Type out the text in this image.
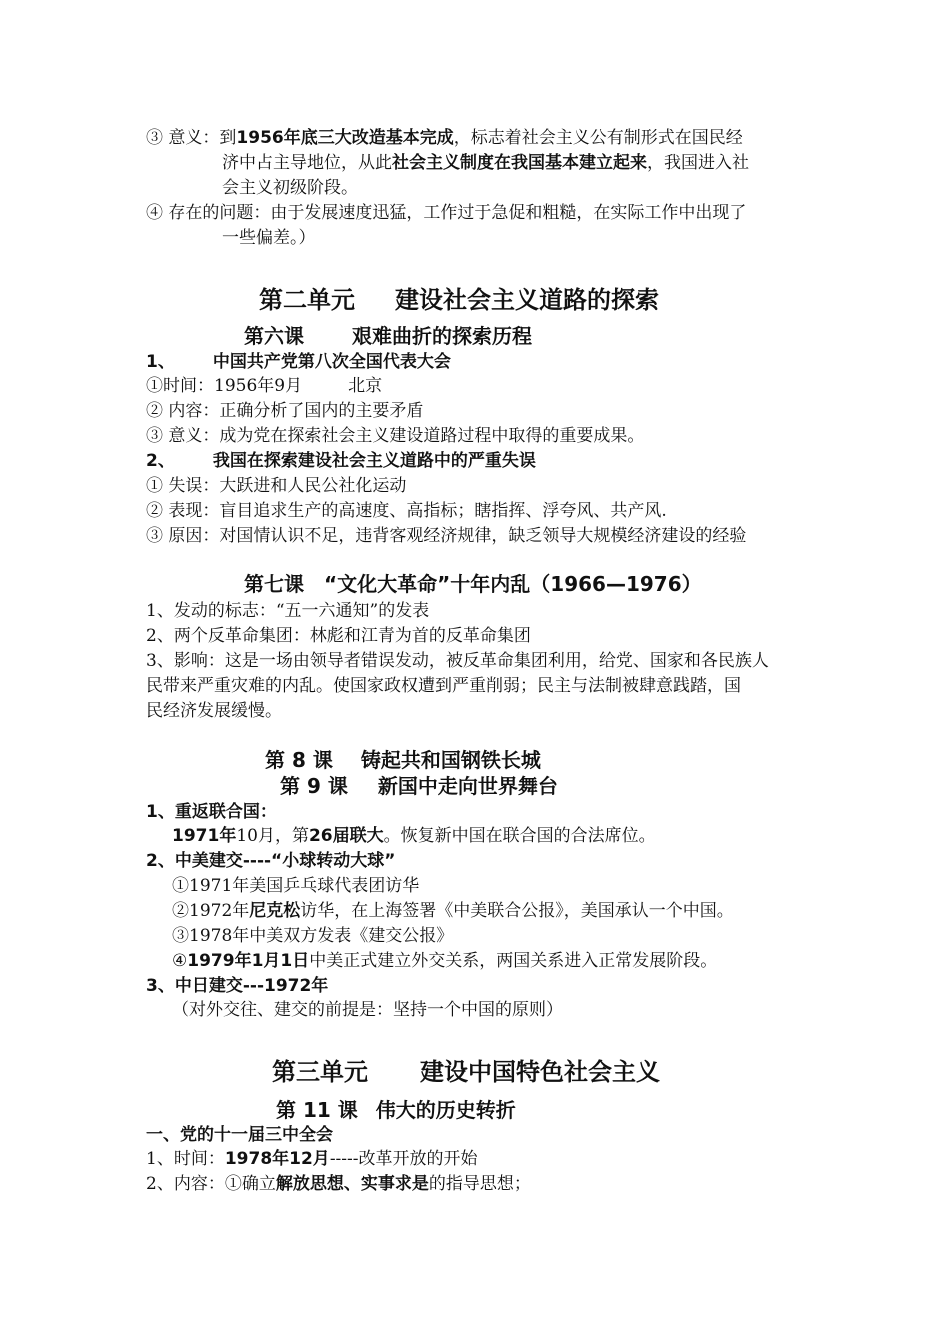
③ 意义：到1956年底三大改造基本完成，标志着社会主义公有制形式在国民经
济中占主导地位，从此社会主义制度在我国基本建立起来，我国进入社
会主义初级阶段。
④ 存在的问题：由于发展速度迅猛，工作过于急促和粗糙，在实际工作中出现了
一些偏差。）
第二单元 建设社会主义道路的探索
第六课 艰难曲折的探索历程
1、 中国共产党第八次全国代表大会
①时间：1956年9月	北京
② 内容：正确分析了国内的主要矛盾
③ 意义：成为党在探索社会主义建设道路过程中取得的重要成果。
2、 我国在探索建设社会主义道路中的严重失误
① 失误：大跃进和人民公社化运动
② 表现：盲目追求生产的高速度、高指标；瞎指挥、浮夸风、共产风.
③ 原因：对国情认识不足，违背客观经济规律，缺乏领导大规模经济建设的经验
第七课　“文化大革命”十年内乱（1966—1976）
1、发动的标志：“五一六通知”的发表
2、两个反革命集团：林彪和江青为首的反革命集团
3、影响：这是一场由领导者错误发动，被反革命集团利用，给党、国家和各民族人
民带来严重灾难的内乱。使国家政权遭到严重削弱；民主与法制被肆意践踏，国
民经济发展缓慢。
第 8 课 铸起共和国钢铁长城
第 9 课 新国中走向世界舞台
1、重返联合国：
1971年10月，第26届联大。恢复新中国在联合国的合法席位。
2、中美建交----“小球转动大球”
①1971年美国乒乓球代表团访华
②1972年尼克松访华，在上海签署《中美联合公报》，美国承认一个中国。
③1978年中美双方发表《建交公报》
④1979年1月1日中美正式建立外交关系，两国关系进入正常发展阶段。
3、中日建交---1972年
（对外交往、建交的前提是：坚持一个中国的原则）
第三单元 建设中国特色社会主义
第 11 课 伟大的历史转折
一、党的十一届三中全会
1、时间：1978年12月-----改革开放的开始
2、内容：①确立解放思想、实事求是的指导思想；
